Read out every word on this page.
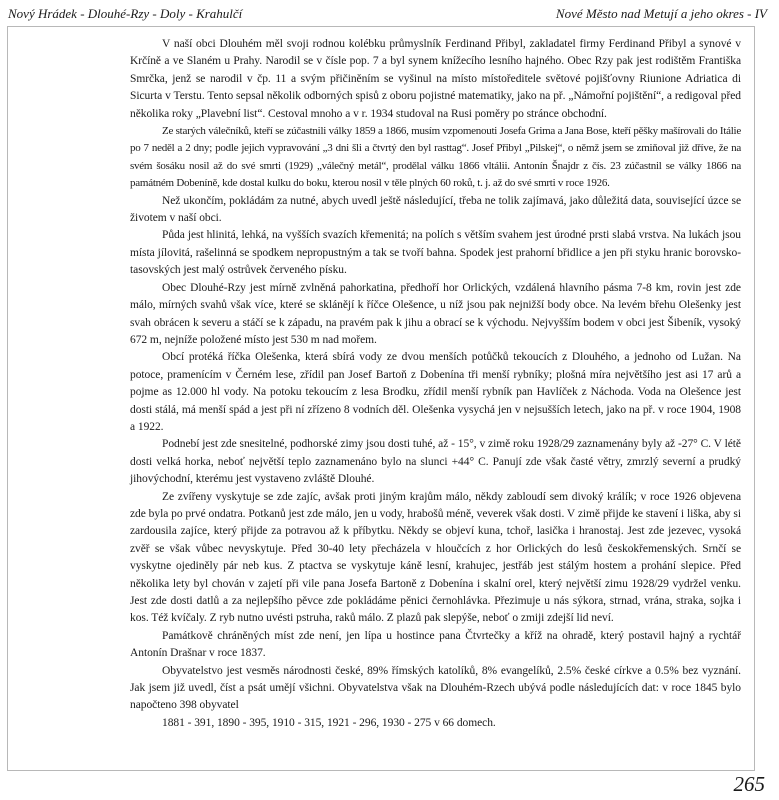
Nový Hrádek - Dlouhé-Rzy - Doly - Krahulčí	Nové Město nad Metují a jeho okres - IV

V naší obci Dlouhém měl svoji rodnou kolébku průmyslník Ferdinand Přibyl, zakladatel firmy Ferdinand Přibyl a synové v Krčíně a ve Slaném u Prahy. Narodil se v čísle pop. 7 a byl synem knížecího lesního hajného. Obec Rzy pak jest rodištěm Františka Smrčka, jenž se narodil v čp. 11 a svým přičiněním se vyšinul na místo místoředitele světové pojišťovny Riunione Adriatica di Sicurta v Terstu. Tento sepsal několik odborných spisů z oboru pojistné matematiky, jako na př. „Námořní pojištění“, a redigoval před několika roky „Plavební list“. Cestoval mnoho a v r. 1934 studoval na Rusi poměry po stránce obchodní.

Ze starých válečníků, kteří se zúčastnili války 1859 a 1866, musím vzpomenouti Josefa Grima a Jana Bose, kteří pěšky mašírovali do Itálie po 7 neděl a 2 dny; podle jejich vypravování „3 dni šli a čtvrtý den byl rasttag“. Josef Přibyl „Pilskej“, o němž jsem se zmiňoval již dříve, že na svém šosáku nosil až do své smrti (1929) „válečný metál“, prodělal válku 1866 vltálii. Antonín Šnajdr z čís. 23 zúčastnil se války 1866 na památném Dobeníně, kde dostal kulku do boku, kterou nosil v těle plných 60 roků, t. j. až do své smrti v roce 1926.

Než ukončím, pokládám za nutné, abych uvedl ještě následující, třeba ne tolik zajímavá, jako důležitá data, související úzce se životem v naší obci.

Půda jest hlinitá, lehká, na vyšších svazích křemenitá; na polích s větším svahem jest úrodné prsti slabá vrstva. Na lukách jsou místa jílovitá, rašelinná se spodkem nepropustným a tak se tvoří bahna. Spodek jest prahorní břidlice a jen při styku hranic borovsko-tasovských jest malý ostrůvek červeného písku.

Obec Dlouhé-Rzy jest mírně zvlněná pahorkatina, předhoří hor Orlických, vzdálená hlavního pásma 7-8 km, rovin jest zde málo, mírných svahů však více, které se sklánějí k říčce Olešence, u níž jsou pak nejnižší body obce. Na levém břehu Olešenky jest svah obrácen k severu a stáčí se k západu, na pravém pak k jihu a obrací se k východu. Nejvyšším bodem v obci jest Šibeník, vysoký 672 m, nejníže položené místo jest 530 m nad mořem.

Obcí protéká říčka Olešenka, která sbírá vody ze dvou menších potůčků tekoucích z Dlouhého, a jednoho od Lužan. Na potoce, pramenícím v Černém lese, zřídil pan Josef Bartoň z Dobenína tři menší rybníky; plošná míra největšího jest asi 17 arů a pojme as 12.000 hl vody. Na potoku tekoucím z lesa Brodku, zřídil menší rybník pan Havlíček z Náchoda. Voda na Olešence jest dosti stálá, má menší spád a jest při ní zřízeno 8 vodních děl. Olešenka vysychá jen v nejsušších letech, jako na př. v roce 1904, 1908 a 1922.

Podnebí jest zde snesitelné, podhorské zimy jsou dosti tuhé, až - 15°, v zimě roku 1928/29 zaznamenány byly až -27° C. V létě dosti velká horka, neboť největší teplo zaznamenáno bylo na slunci +44° C. Panují zde však časté větry, zmrzlý severní a prudký jihovýchodní, kterému jest vystaveno zvláště Dlouhé.

Ze zvířeny vyskytuje se zde zajíc, avšak proti jiným krajům málo, někdy zabloudí sem divoký králík; v roce 1926 objevena zde byla po prvé ondatra. Potkanů jest zde málo, jen u vody, hrabošů méně, veverek však dosti. V zimě přijde ke stavení i liška, aby si zardousila zajíce, který přijde za potravou až k příbytku. Někdy se objeví kuna, tchoř, lasička i hranostaj. Jest zde jezevec, vysoká zvěř se však vůbec nevyskytuje. Před 30-40 lety přecházela v hloučcích z hor Orlických do lesů českokřemenských. Srnčí se vyskytne ojediněly pár neb kus. Z ptactva se vyskytuje káně lesní, krahujec, jestřáb jest stálým hostem a prohání slepice. Před několika lety byl chován v zajetí při vile pana Josefa Bartoně z Dobenína i skalní orel, který největší zimu 1928/29 vydržel venku. Jest zde dosti datlů a za nejlepšího pěvce zde pokládáme pěnici černohlávka. Přezimuje u nás sýkora, strnad, vrána, straka, sojka i kos. Též kvíčaly. Z ryb nutno uvésti pstruha, raků málo. Z plazů pak slepýše, neboť o zmiji zdejší lid neví.

Památkově chráněných míst zde není, jen lípa u hostince pana Čtvrtečky a kříž na ohradě, který postavil hajný a rychtář Antonín Drašnar v roce 1837.

Obyvatelstvo jest vesměs národnosti české, 89% římských katolíků, 8% evangelíků, 2.5% české církve a 0.5% bez vyznání. Jak jsem již uvedl, číst a psát umějí všichni. Obyvatelstva však na Dlouhém-Rzech ubývá podle následujících dat: v roce 1845 bylo napočteno 398 obyvatel

1881 - 391, 1890 - 395, 1910 - 315, 1921 - 296, 1930 - 275 v 66 domech.

265
